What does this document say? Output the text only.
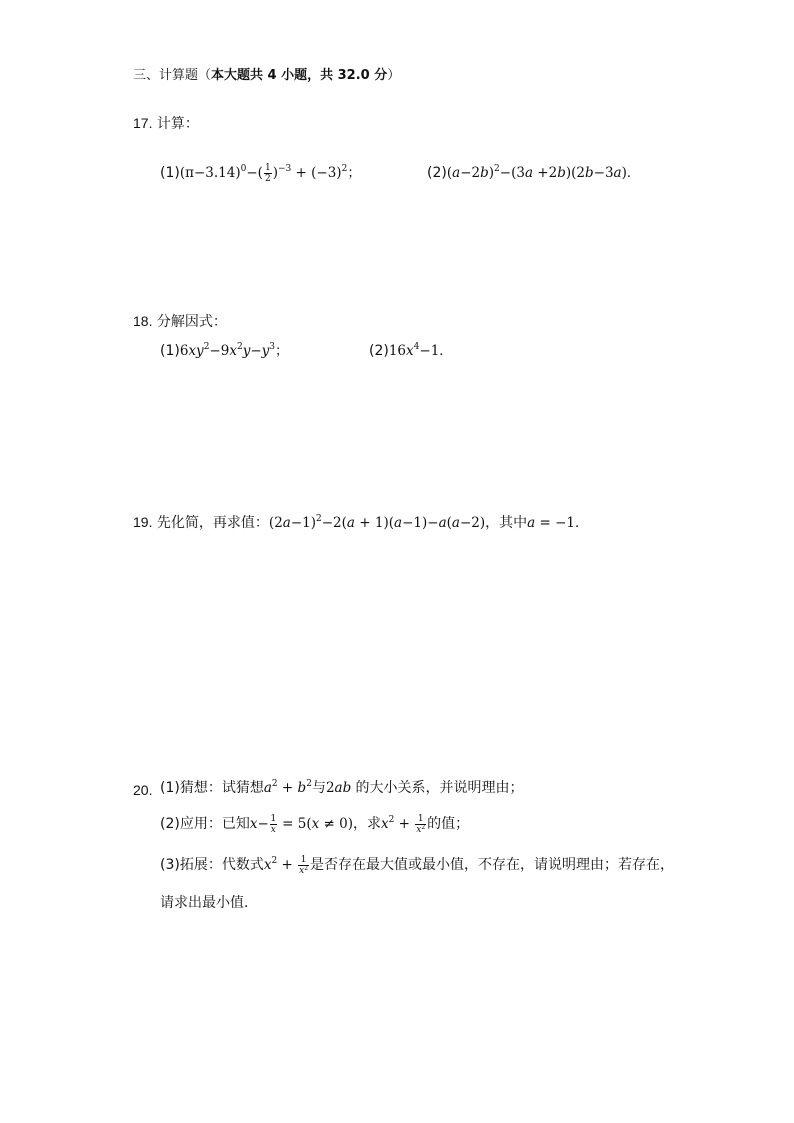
三、计算题（本大题共 4 小题，共 32.0 分）
17. 计算：
$(1)(\pi-3.14)^0-( \frac{1}{2} )^{-3} + (-3)^2$；	$(2)(a-2b)^2-(3a +2b)(2b-3a)$．
18. 分解因式：
$(1)6xy^2-9x^2y-y^3$；	$(2)16x^4-1$．
19. 先化简，再求值：$(2a-1)^2-2(a + 1)(a-1)-a(a-2)$，其中a = −1．
20. (1)猜想：试猜想$a^2 + b^2$与2ab 的大小关系，并说明理由；
(2)应用：已知$x- \frac{1}{x} = 5(x \ne 0)$，求$x^2 + \frac{1}{x^2}$ 的值；
(3)拓展：代数式$x^2 + \frac{1}{x^2}$ 是否存在最大值或最小值，不存在，请说明理由；若存在，
请求出最小值．
